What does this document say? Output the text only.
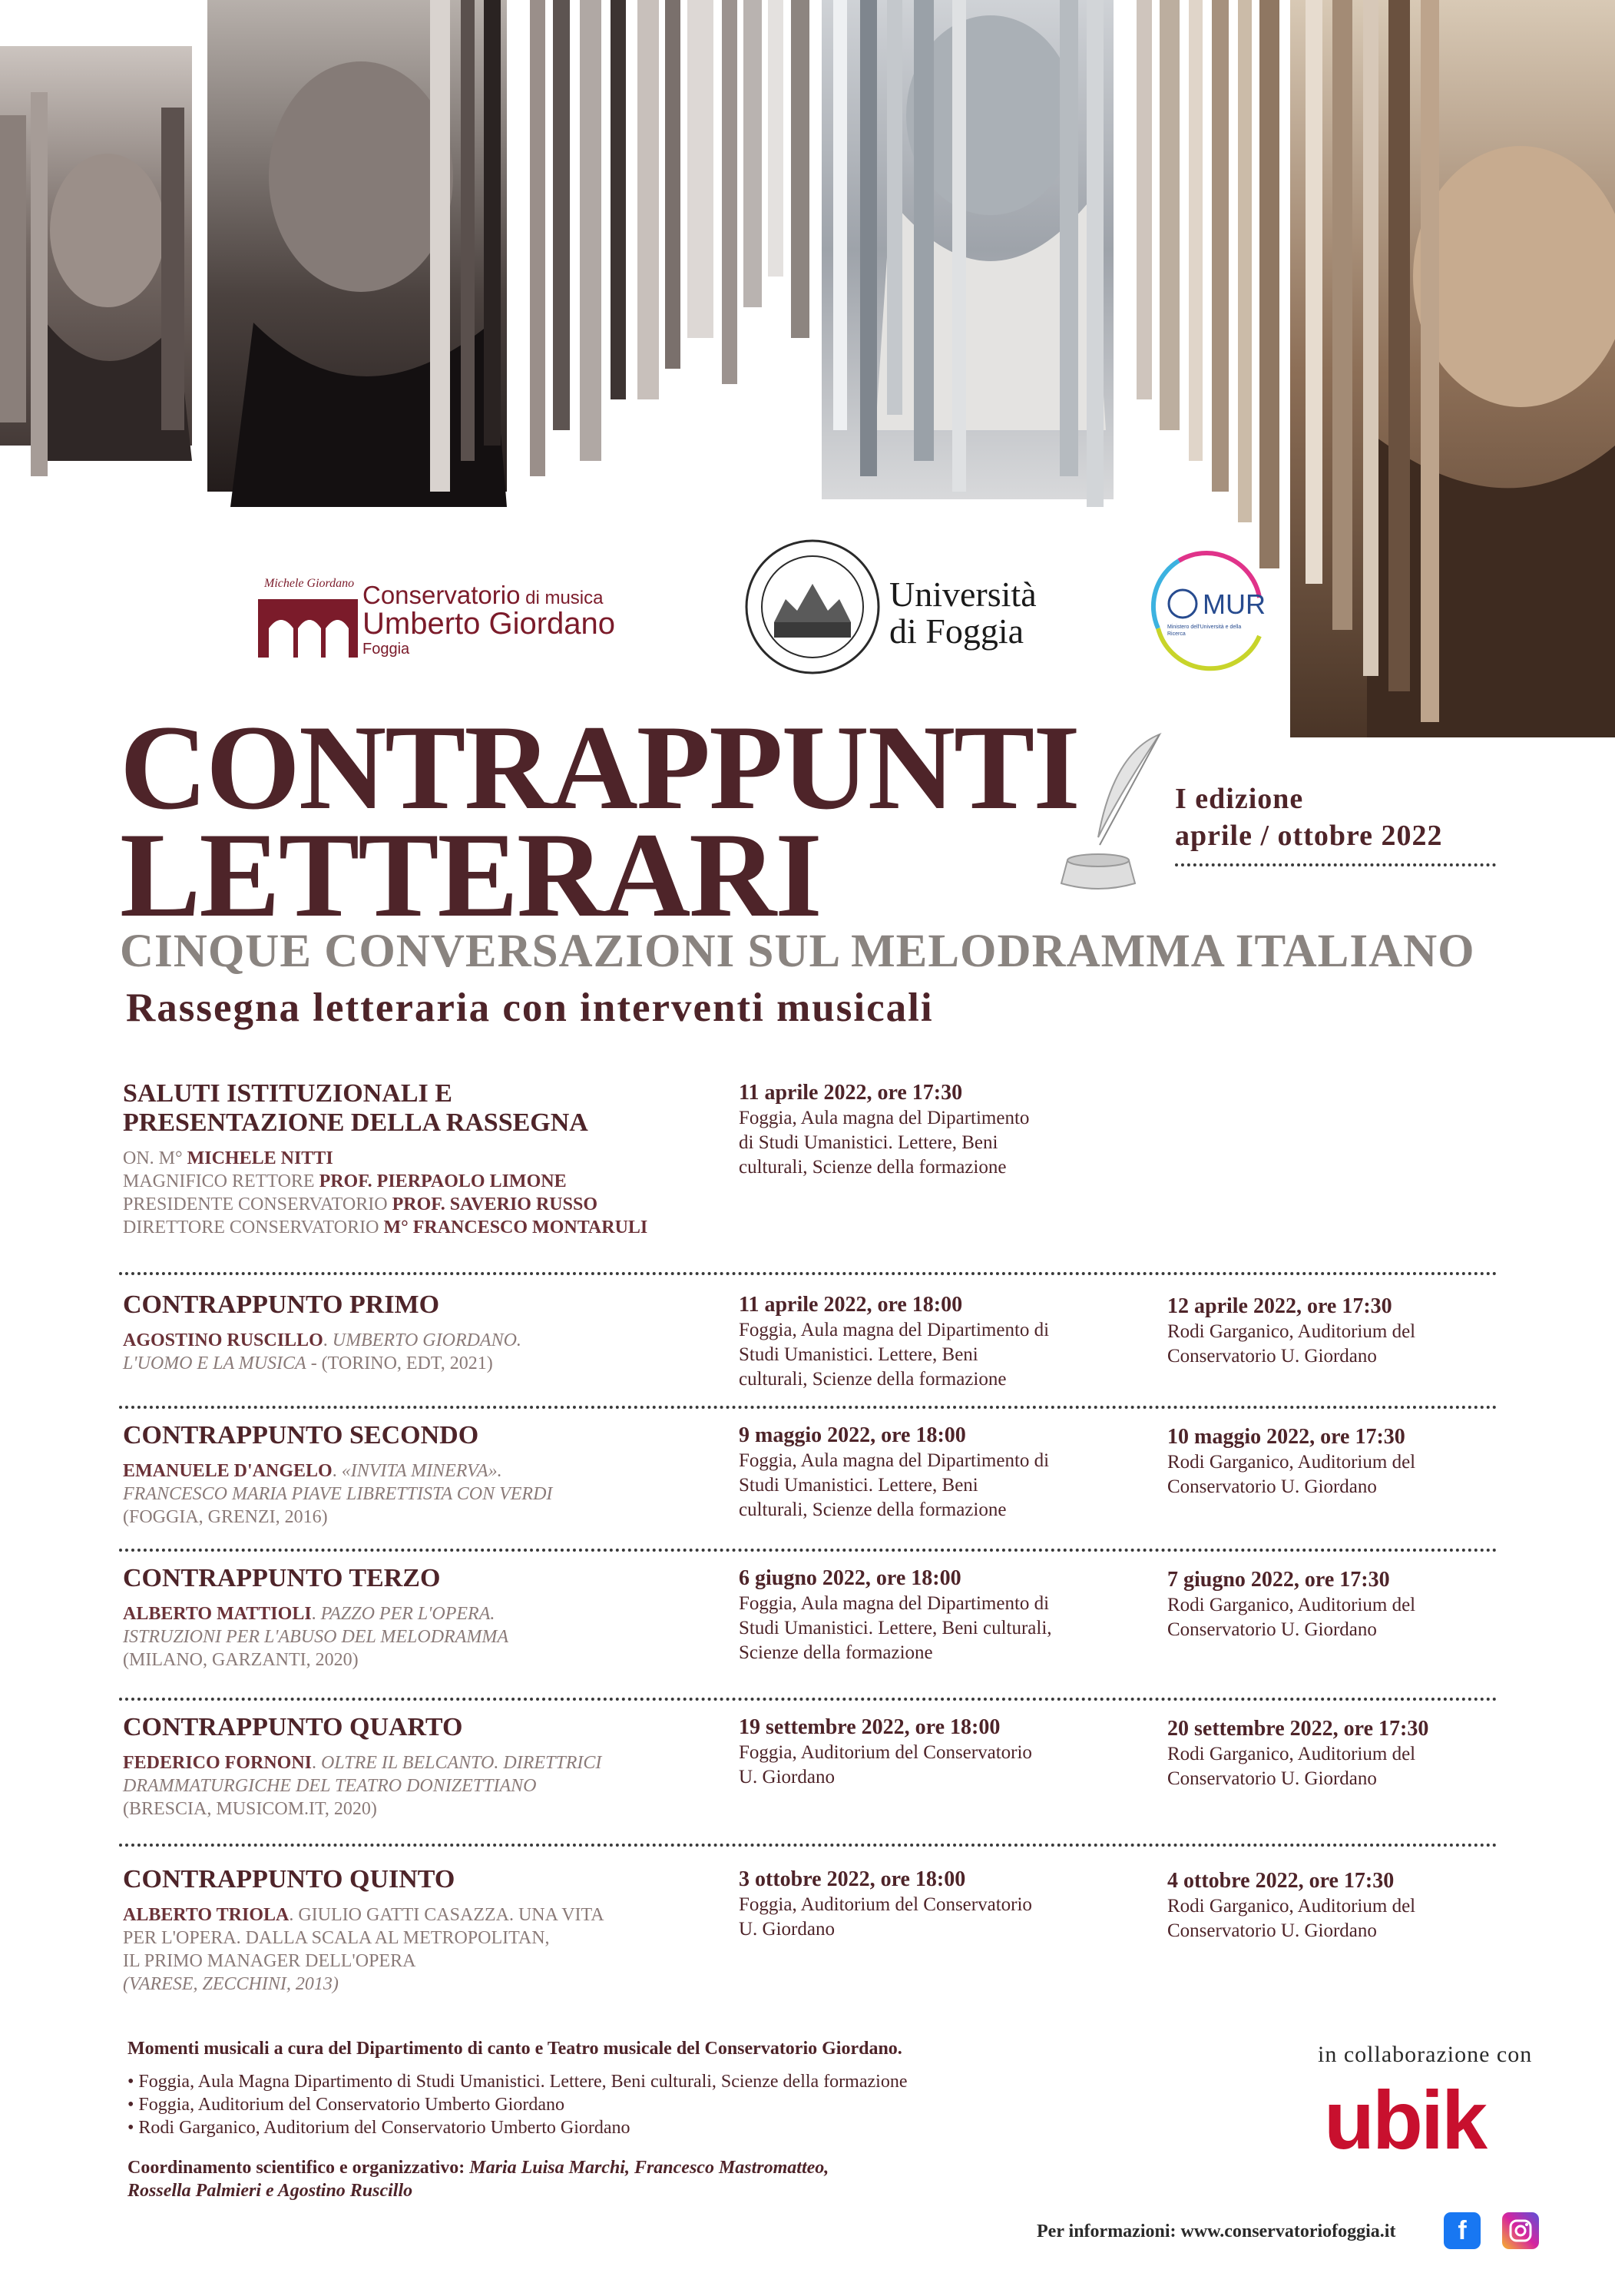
Michele Giordano Conservatorio di musica
Umberto Giordano
Foggia
Università
di Foggia
MUR
Ministero dell'Università e della Ricerca
CONTRAPPUNTI
LETTERARI
I edizione
aprile / ottobre 2022
CINQUE CONVERSAZIONI SUL MELODRAMMA ITALIANO
Rassegna letteraria con interventi musicali
SALUTI ISTITUZIONALI E
PRESENTAZIONE DELLA RASSEGNA
ON. M° MICHELE NITTI
MAGNIFICO RETTORE PROF. PIERPAOLO LIMONE
PRESIDENTE CONSERVATORIO PROF. SAVERIO RUSSO
DIRETTORE CONSERVATORIO M° FRANCESCO MONTARULI
11 aprile 2022, ore 17:30
Foggia, Aula magna del Dipartimento
di Studi Umanistici. Lettere, Beni
culturali, Scienze della formazione
CONTRAPPUNTO PRIMO
AGOSTINO RUSCILLO. UMBERTO GIORDANO.
L'UOMO E LA MUSICA - (TORINO, EDT, 2021)
11 aprile 2022, ore 18:00
Foggia, Aula magna del Dipartimento di
Studi Umanistici. Lettere, Beni
culturali, Scienze della formazione
12 aprile 2022, ore 17:30
Rodi Garganico, Auditorium del
Conservatorio U. Giordano
CONTRAPPUNTO SECONDO
EMANUELE D'ANGELO. «INVITA MINERVA».
FRANCESCO MARIA PIAVE LIBRETTISTA CON VERDI
(FOGGIA, GRENZI, 2016)
9 maggio 2022, ore 18:00
Foggia, Aula magna del Dipartimento di
Studi Umanistici. Lettere, Beni
culturali, Scienze della formazione
10 maggio 2022, ore 17:30
Rodi Garganico, Auditorium del
Conservatorio U. Giordano
CONTRAPPUNTO TERZO
ALBERTO MATTIOLI. PAZZO PER L'OPERA.
ISTRUZIONI PER L'ABUSO DEL MELODRAMMA
(MILANO, GARZANTI, 2020)
6 giugno 2022, ore 18:00
Foggia, Aula magna del Dipartimento di
Studi Umanistici. Lettere, Beni culturali,
Scienze della formazione
7 giugno 2022, ore 17:30
Rodi Garganico, Auditorium del
Conservatorio U. Giordano
CONTRAPPUNTO QUARTO
FEDERICO FORNONI. OLTRE IL BELCANTO. DIRETTRICI
DRAMMATURGICHE DEL TEATRO DONIZETTIANO
(BRESCIA, MUSICOM.IT, 2020)
19 settembre 2022, ore 18:00
Foggia, Auditorium del Conservatorio
U. Giordano
20 settembre 2022, ore 17:30
Rodi Garganico, Auditorium del
Conservatorio U. Giordano
CONTRAPPUNTO QUINTO
ALBERTO TRIOLA. GIULIO GATTI CASAZZA. UNA VITA
PER L'OPERA. DALLA SCALA AL METROPOLITAN,
IL PRIMO MANAGER DELL'OPERA
(VARESE, ZECCHINI, 2013)
3 ottobre 2022, ore 18:00
Foggia, Auditorium del Conservatorio
U. Giordano
4 ottobre 2022, ore 17:30
Rodi Garganico, Auditorium del
Conservatorio U. Giordano
Momenti musicali a cura del Dipartimento di canto e Teatro musicale del Conservatorio Giordano.
• Foggia, Aula Magna Dipartimento di Studi Umanistici. Lettere, Beni culturali, Scienze della formazione
• Foggia, Auditorium del Conservatorio Umberto Giordano
• Rodi Garganico, Auditorium del Conservatorio Umberto Giordano
Coordinamento scientifico e organizzativo: Maria Luisa Marchi, Francesco Mastromatteo,
Rossella Palmieri e Agostino Ruscillo
in collaborazione con
ubik
Per informazioni: www.conservatoriofoggia.it	f
